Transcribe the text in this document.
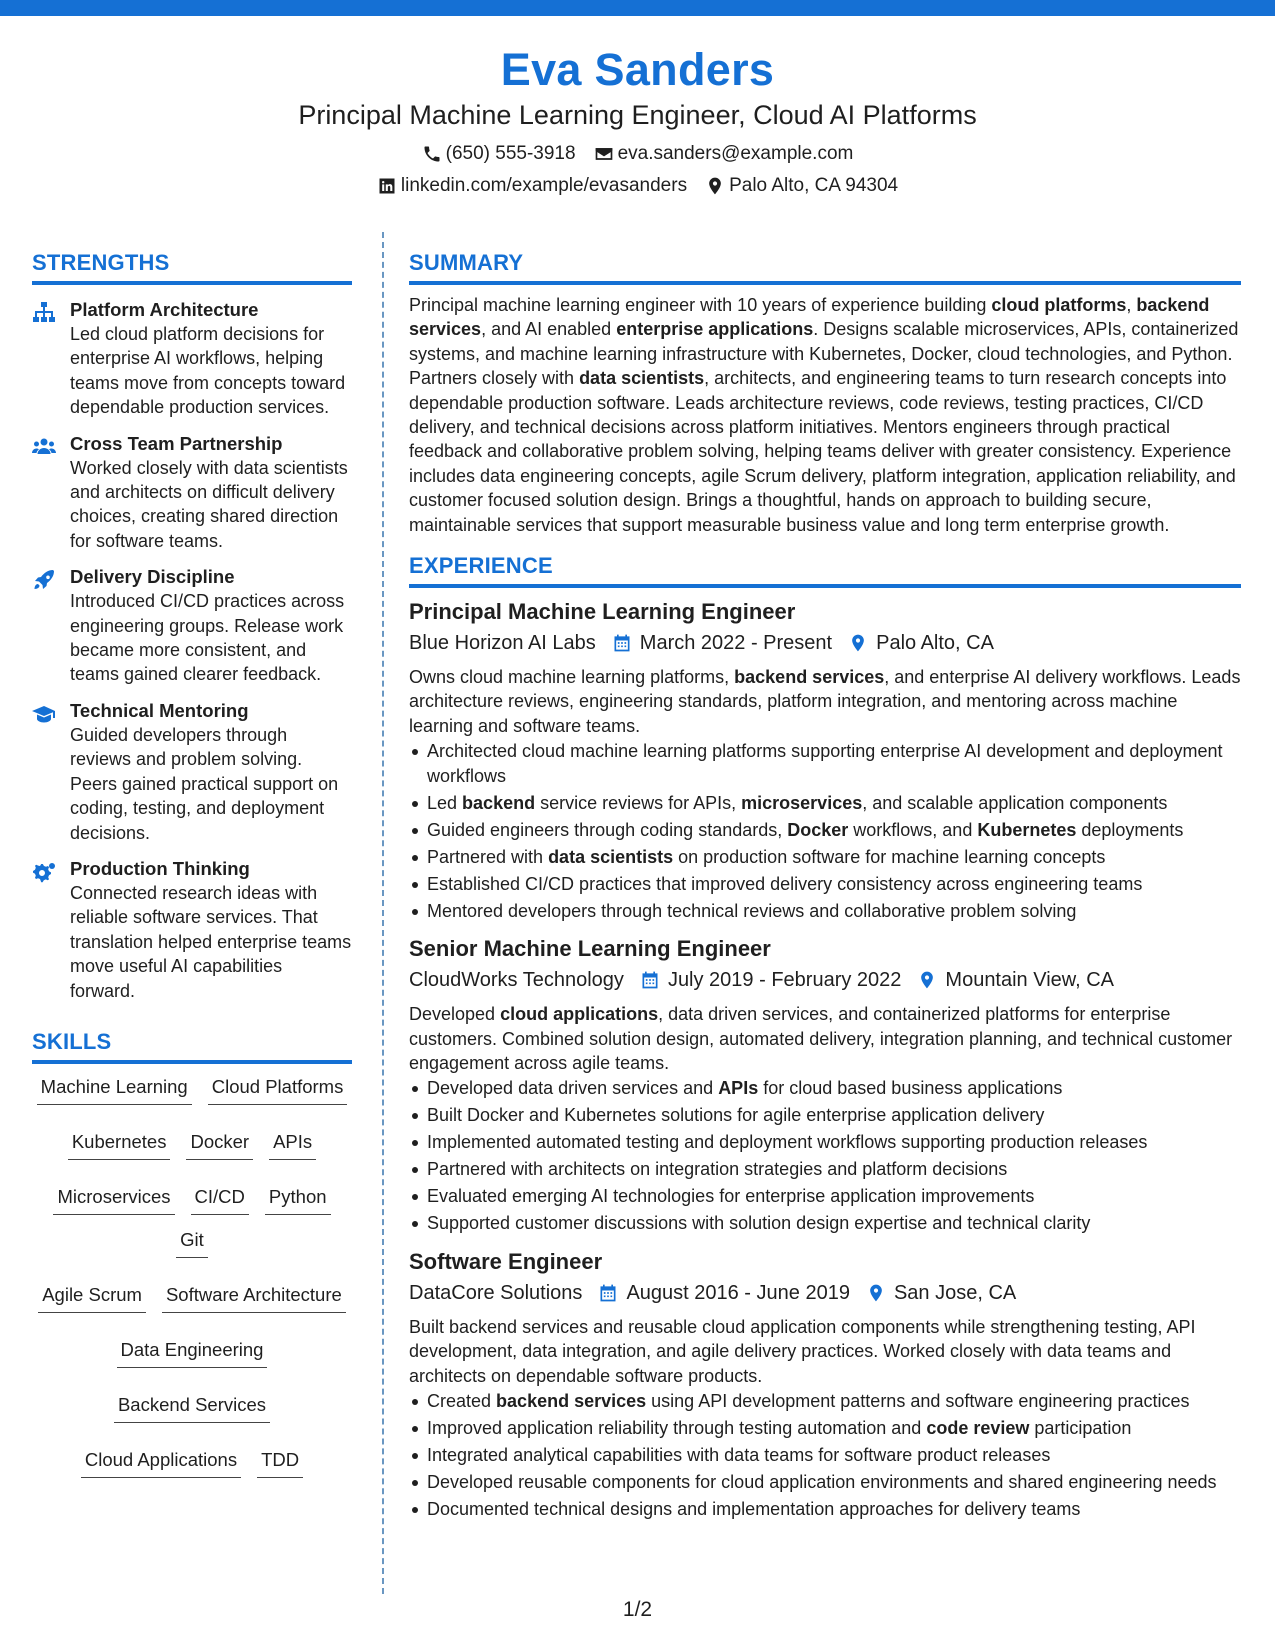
Eva Sanders
Principal Machine Learning Engineer, Cloud AI Platforms
(650) 555-3918 eva.sanders@example.com
linkedin.com/example/evasanders Palo Alto, CA 94304
STRENGTHS
Platform Architecture
Led cloud platform decisions for enterprise AI workflows, helping teams move from concepts toward dependable production services.
Cross Team Partnership
Worked closely with data scientists and architects on difficult delivery choices, creating shared direction for software teams.
Delivery Discipline
Introduced CI/CD practices across engineering groups. Release work became more consistent, and teams gained clearer feedback.
Technical Mentoring
Guided developers through reviews and problem solving. Peers gained practical support on coding, testing, and deployment decisions.
Production Thinking
Connected research ideas with reliable software services. That translation helped enterprise teams move useful AI capabilities forward.
SKILLS
Machine Learning Cloud Platforms
Kubernetes Docker APIs
Microservices CI/CD Python
Git
Agile Scrum Software Architecture
Data Engineering
Backend Services
Cloud Applications TDD
SUMMARY
Principal machine learning engineer with 10 years of experience building cloud platforms, backend services, and AI enabled enterprise applications. Designs scalable microservices, APIs, containerized systems, and machine learning infrastructure with Kubernetes, Docker, cloud technologies, and Python. Partners closely with data scientists, architects, and engineering teams to turn research concepts into dependable production software. Leads architecture reviews, code reviews, testing practices, CI/CD delivery, and technical decisions across platform initiatives. Mentors engineers through practical feedback and collaborative problem solving, helping teams deliver with greater consistency. Experience includes data engineering concepts, agile Scrum delivery, platform integration, application reliability, and customer focused solution design. Brings a thoughtful, hands on approach to building secure, maintainable services that support measurable business value and long term enterprise growth.
EXPERIENCE
Principal Machine Learning Engineer
Blue Horizon AI Labs March 2022 - Present Palo Alto, CA
Owns cloud machine learning platforms, backend services, and enterprise AI delivery workflows. Leads architecture reviews, engineering standards, platform integration, and mentoring across machine learning and software teams.
Architected cloud machine learning platforms supporting enterprise AI development and deployment workflows
Led backend service reviews for APIs, microservices, and scalable application components
Guided engineers through coding standards, Docker workflows, and Kubernetes deployments
Partnered with data scientists on production software for machine learning concepts
Established CI/CD practices that improved delivery consistency across engineering teams
Mentored developers through technical reviews and collaborative problem solving
Senior Machine Learning Engineer
CloudWorks Technology July 2019 - February 2022 Mountain View, CA
Developed cloud applications, data driven services, and containerized platforms for enterprise customers. Combined solution design, automated delivery, integration planning, and technical customer engagement across agile teams.
Developed data driven services and APIs for cloud based business applications
Built Docker and Kubernetes solutions for agile enterprise application delivery
Implemented automated testing and deployment workflows supporting production releases
Partnered with architects on integration strategies and platform decisions
Evaluated emerging AI technologies for enterprise application improvements
Supported customer discussions with solution design expertise and technical clarity
Software Engineer
DataCore Solutions August 2016 - June 2019 San Jose, CA
Built backend services and reusable cloud application components while strengthening testing, API development, data integration, and agile delivery practices. Worked closely with data teams and architects on dependable software products.
Created backend services using API development patterns and software engineering practices
Improved application reliability through testing automation and code review participation
Integrated analytical capabilities with data teams for software product releases
Developed reusable components for cloud application environments and shared engineering needs
Documented technical designs and implementation approaches for delivery teams
1/2
